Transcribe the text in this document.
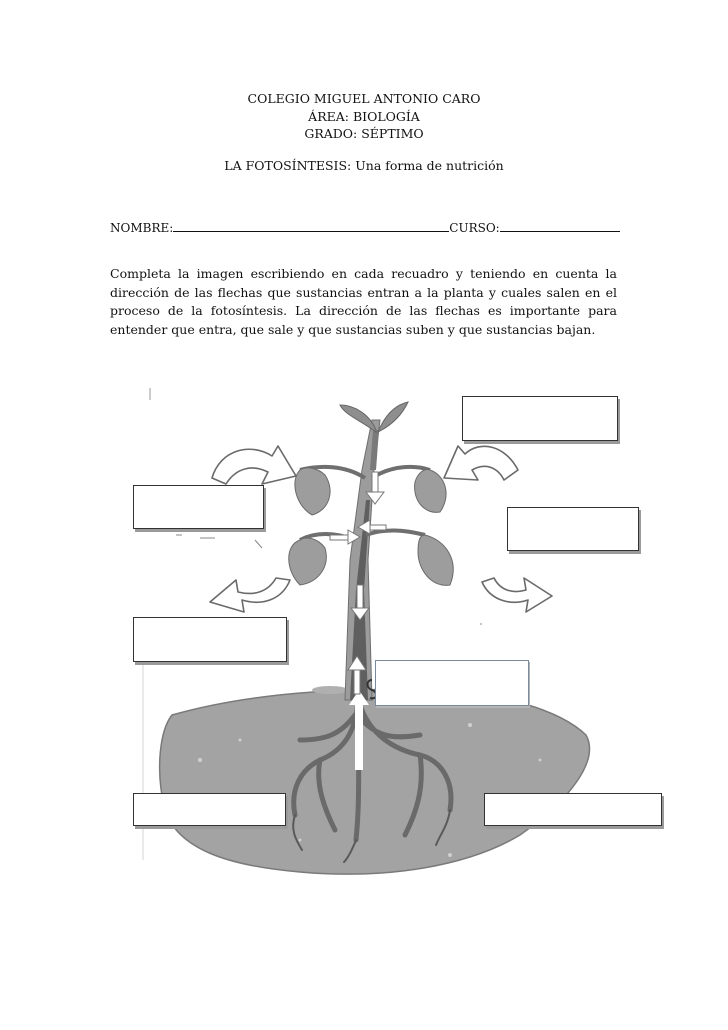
COLEGIO MIGUEL ANTONIO CARO
ÁREA: BIOLOGÍA
GRADO: SÉPTIMO
LA FOTOSÍNTESIS: Una forma de nutrición
NOMBRE:	CURSO:
Completa la imagen escribiendo en cada recuadro y teniendo en cuenta la dirección de las flechas que sustancias entran a la planta y cuales salen en el proceso de la fotosíntesis. La dirección de las flechas es importante para entender que entra, que sale y que sustancias suben y que sustancias bajan.
